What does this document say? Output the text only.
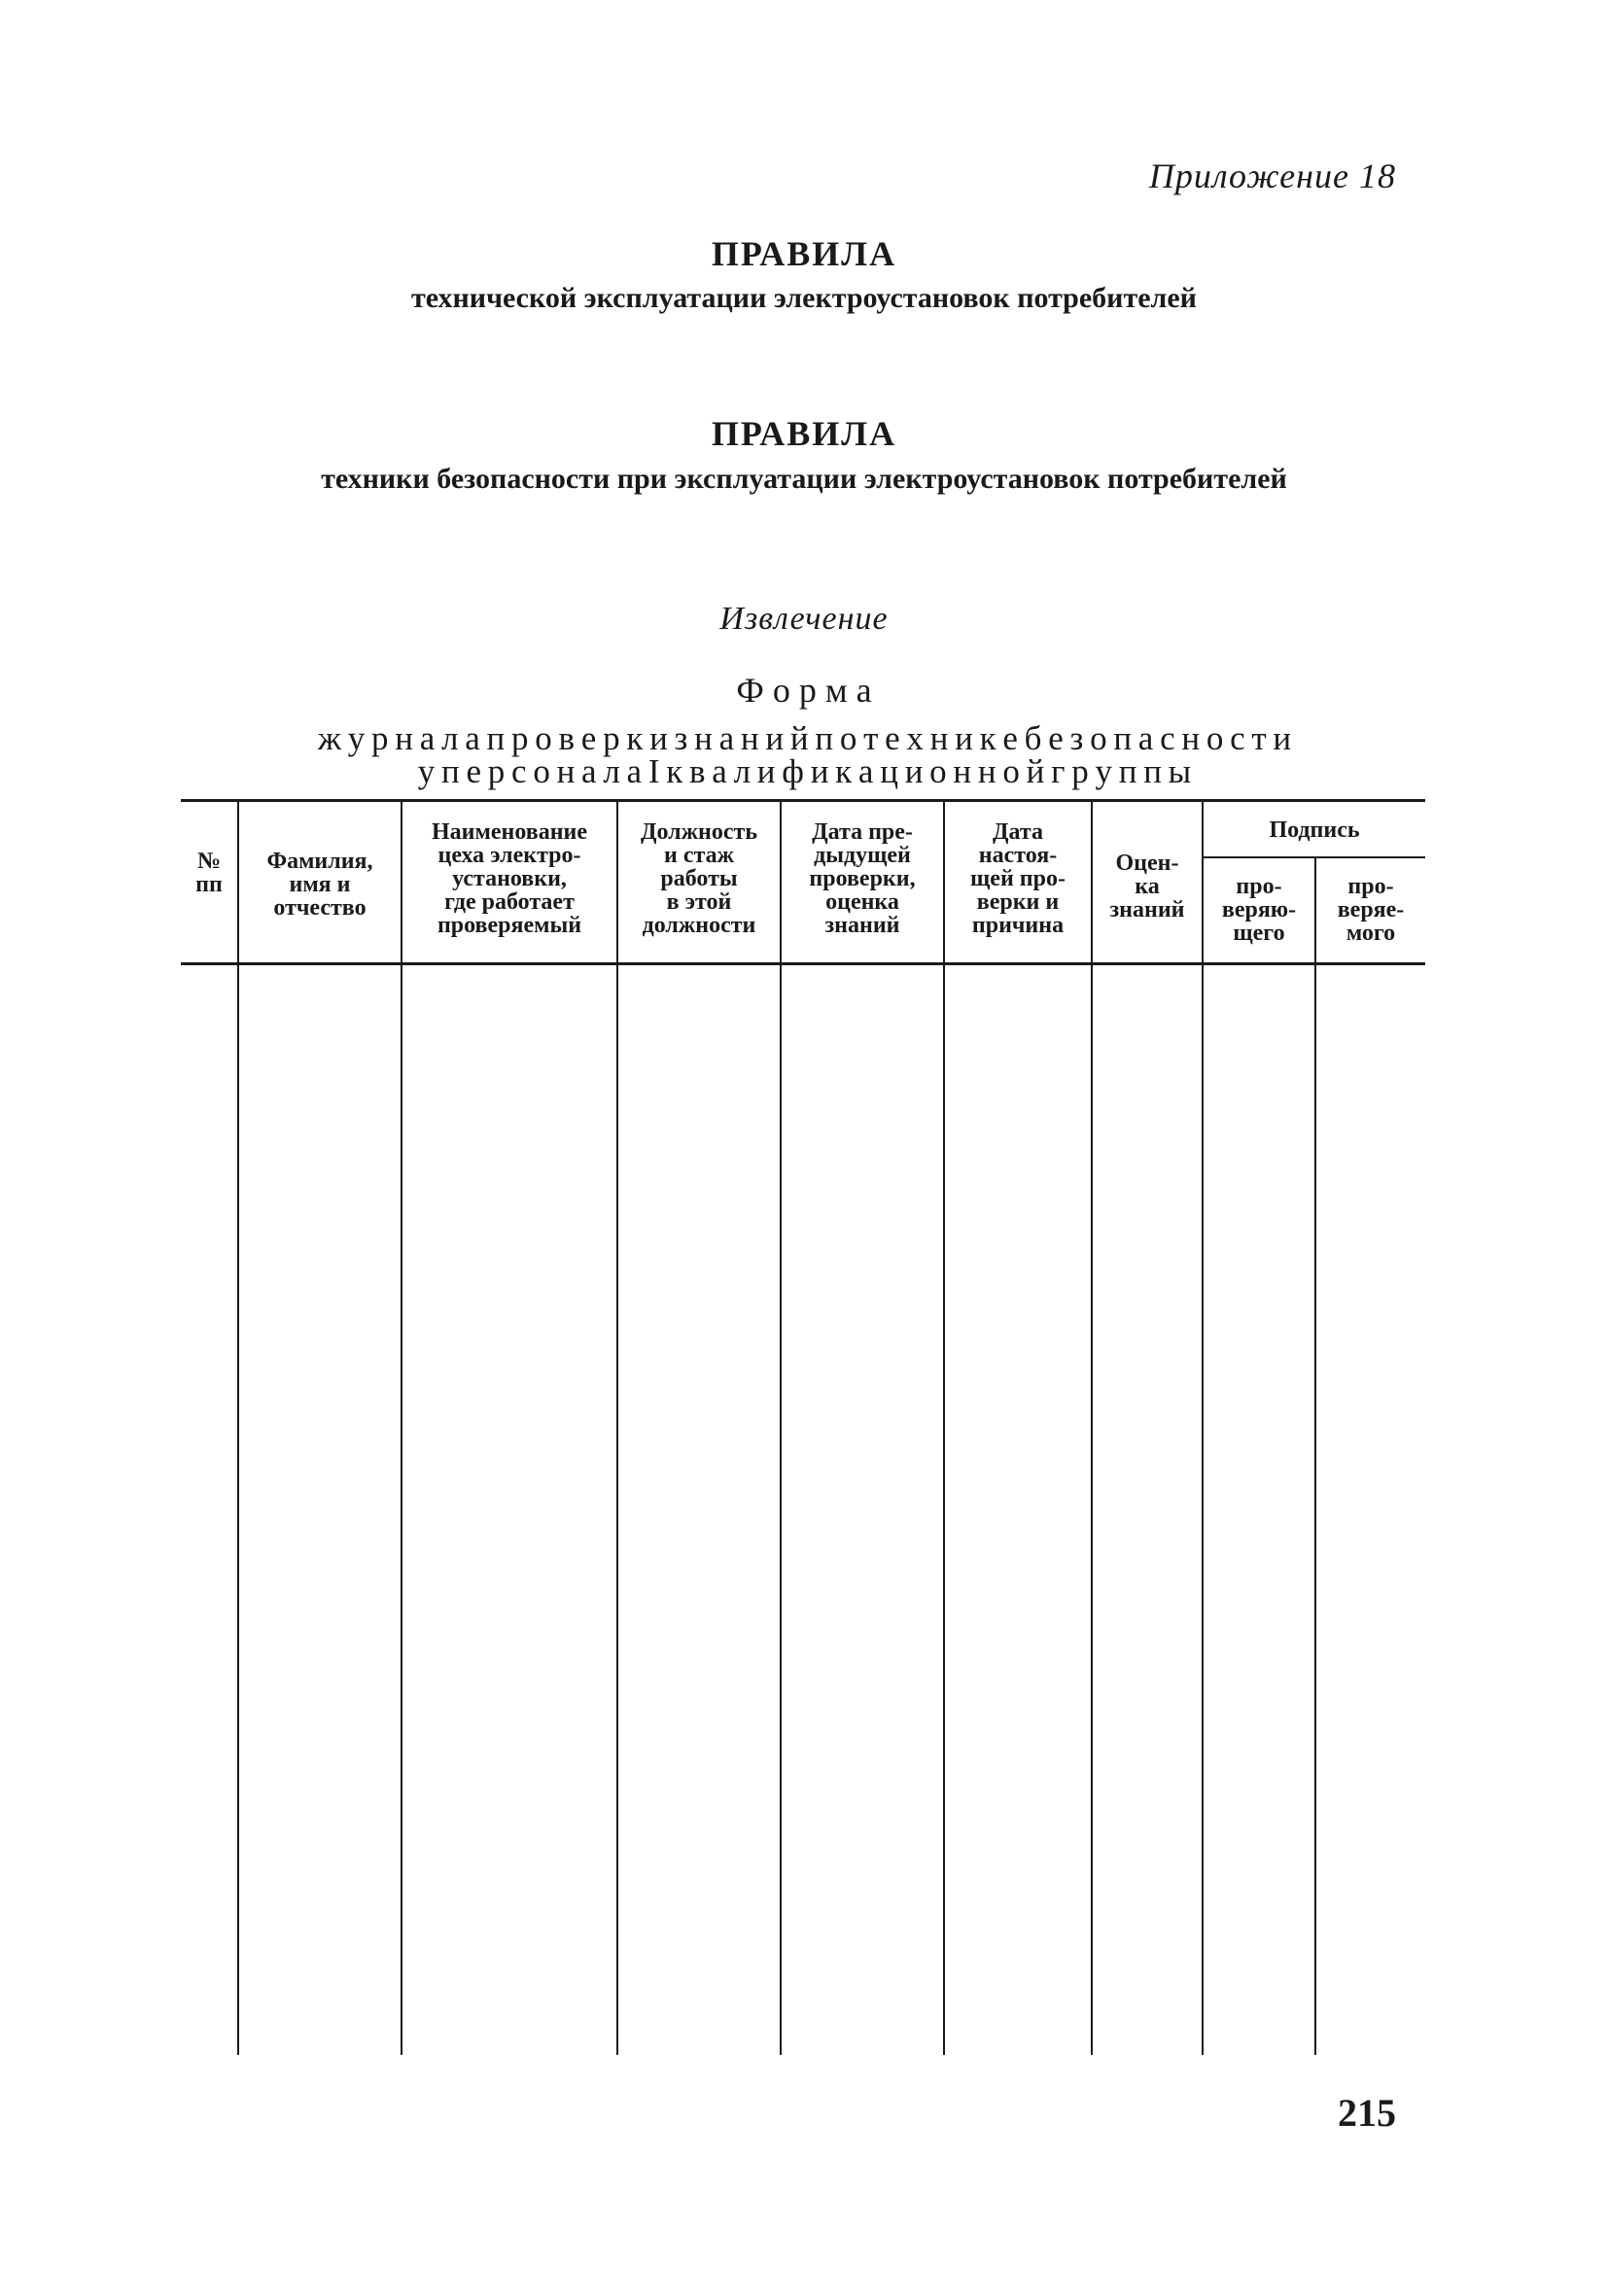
Приложение 18
ПРАВИЛА
технической эксплуатации электроустановок потребителей
ПРАВИЛА
техники безопасности при эксплуатации электроустановок потребителей
Извлечение
Ф о р м а
ж у р н а л а п р о в е р к и з н а н и й п о т е х н и к е б е з о п а с н о с т и
у п е р с о н а л а I к в а л и ф и к а ц и о н н о й г р у п п ы
№
пп
Фамилия,
имя и
отчество
Наименование
цеха электро-
установки,
где работает
проверяемый
Должность
и стаж
работы
в этой
должности
Дата пре-
дыдущей
проверки,
оценка
знаний
Дата
настоя-
щей про-
верки и
причина
Оцен-
ка
знаний
Подпись
про-
веряю-
щего
про-
веряе-
мого
215
